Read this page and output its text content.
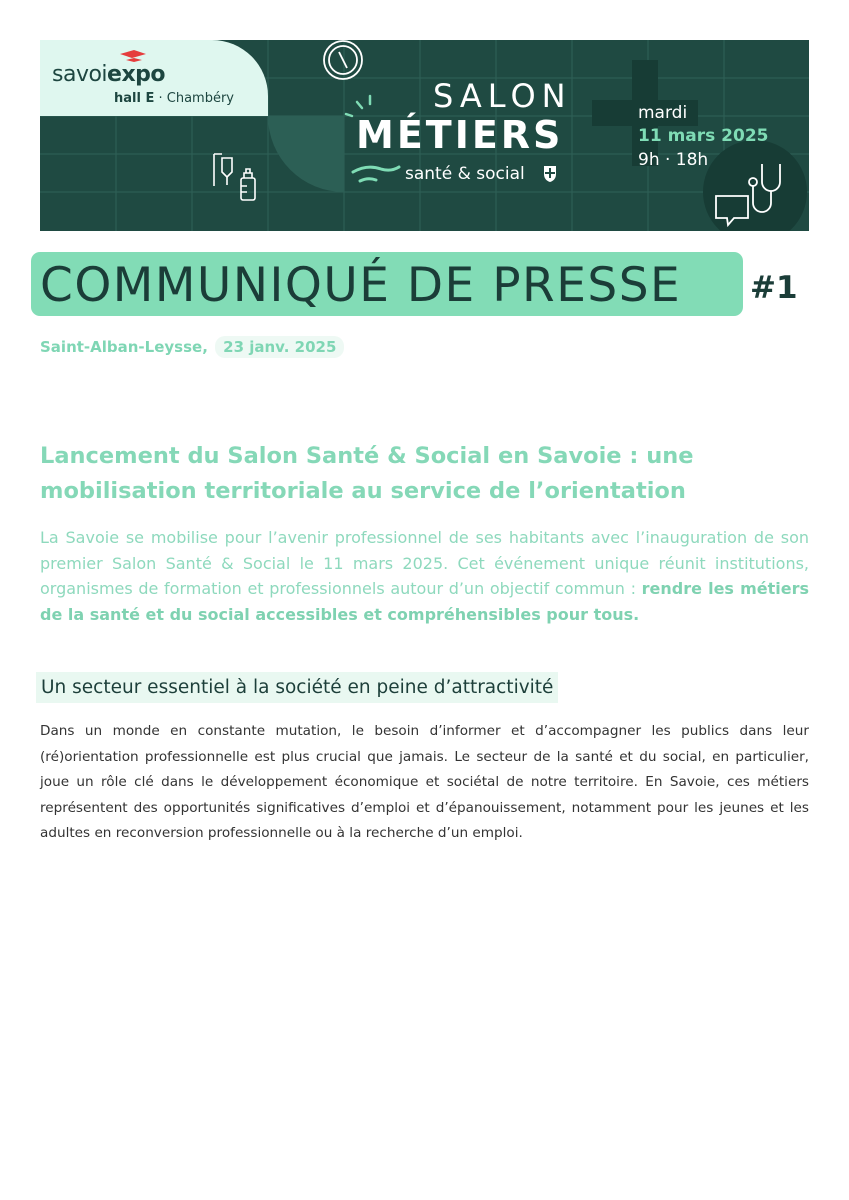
savoiexpo
hall E · Chambéry	SALON
MÉTIERS
santé & social
mardi
11 mars 2025
9h · 18h
COMMUNIQUÉ DE PRESSE #1
Saint-Alban-Leysse, 23 janv. 2025
Lancement du Salon Santé & Social en Savoie : une mobilisation territoriale au service de l’orientation
La Savoie se mobilise pour l’avenir professionnel de ses habitants avec l’inauguration de son premier Salon Santé & Social le 11 mars 2025. Cet événement unique réunit institutions, organismes de formation et professionnels autour d’un objectif commun : rendre les métiers de la santé et du social accessibles et compréhensibles pour tous.
Un secteur essentiel à la société en peine d’attractivité
Dans un monde en constante mutation, le besoin d’informer et d’accompagner les publics dans leur (ré)orientation professionnelle est plus crucial que jamais. Le secteur de la santé et du social, en particulier, joue un rôle clé dans le développement économique et sociétal de notre territoire. En Savoie, ces métiers représentent des opportunités significatives d’emploi et d’épanouissement, notamment pour les jeunes et les adultes en reconversion professionnelle ou à la recherche d’un emploi.
